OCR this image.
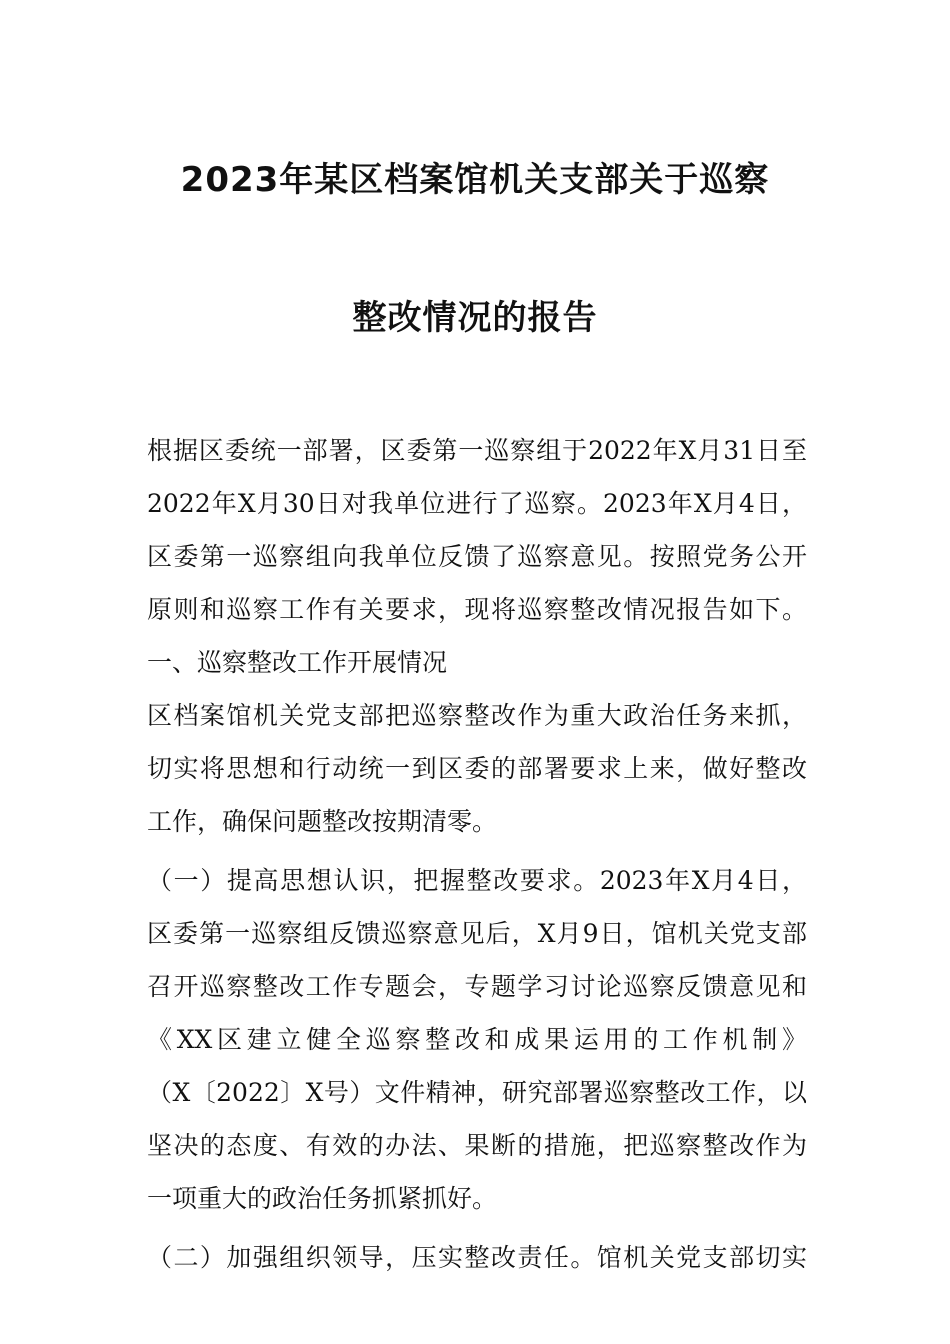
2023年某区档案馆机关支部关于巡察
整改情况的报告
根据区委统一部署，区委第一巡察组于2022年X月31日至
2022年X月30日对我单位进行了巡察。2023年X月4日，
区委第一巡察组向我单位反馈了巡察意见。按照党务公开
原则和巡察工作有关要求，现将巡察整改情况报告如下。
一、巡察整改工作开展情况
区档案馆机关党支部把巡察整改作为重大政治任务来抓，
切实将思想和行动统一到区委的部署要求上来，做好整改
工作，确保问题整改按期清零。
（一）提高思想认识，把握整改要求。2023年X月4日，
区委第一巡察组反馈巡察意见后，X月9日，馆机关党支部
召开巡察整改工作专题会，专题学习讨论巡察反馈意见和
《XX区建立健全巡察整改和成果运用的工作机制》
（X〔2022〕X号）文件精神，研究部署巡察整改工作，以
坚决的态度、有效的办法、果断的措施，把巡察整改作为
一项重大的政治任务抓紧抓好。
（二）加强组织领导，压实整改责任。馆机关党支部切实
